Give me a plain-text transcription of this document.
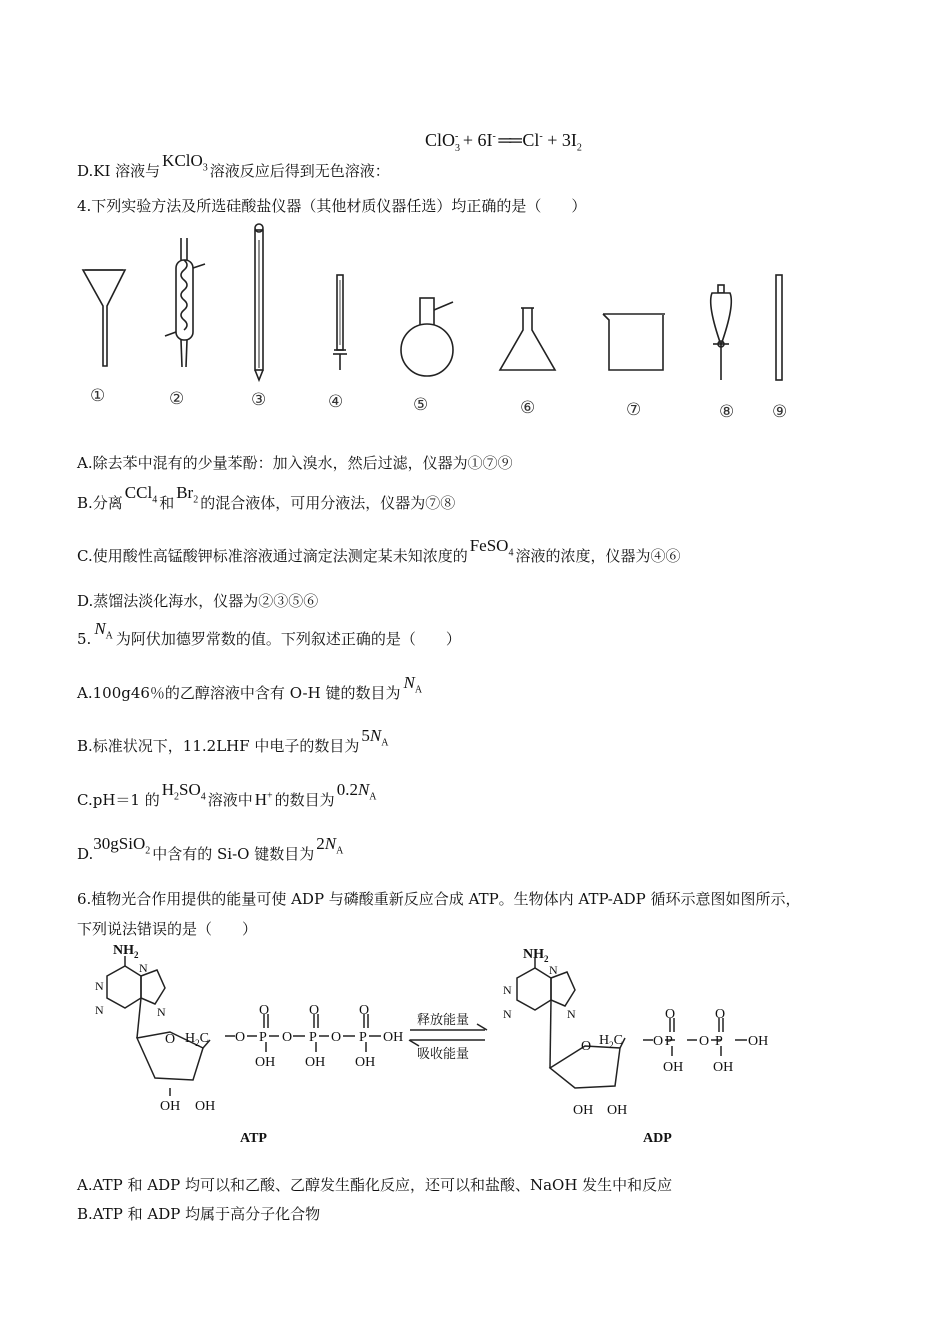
ClO$_3$- + 6I- ══ $Cl^- + 3I_2$
D.KI 溶液与KClO$_3$ 溶液反应后得到无色溶液：
4.下列实验方法及所选硅酸盐仪器（其他材质仪器任选）均正确的是（　　）
①	②	③	④	⑤	⑥	⑦	⑧ ⑨
A.除去苯中混有的少量苯酚：加入溴水，然后过滤，仪器为①⑦⑨
B.分离CCl$_4$ 和$Br_2$ 的混合液体，可用分液法，仪器为⑦⑧
C.使用酸性高锰酸钾标准溶液通过滴定法测定某未知浓度的FeSO$_4$ 溶液的浓度，仪器为④⑥
D.蒸馏法淡化海水，仪器为②③⑤⑥
$5.N_A$ 为阿伏加德罗常数的值。下列叙述正确的是（　　）
A.100g46％的乙醇溶液中含有 O-H 键的数目为$N_A$
B.标准状况下，11.2LHF 中电子的数目为$5N_A$
C.pH＝1 的$H_2SO_4$ 溶液中 H+ 的数目为$0.2N_A$
D.30gSiO$_2$ 中含有的 Si-O 键数目为$2N_A$
6.植物光合作用提供的能量可使 ADP 与磷酸重新反应合成 ATP。生物体内 ATP-ADP 循环示意图如图所示，
下列说法错误的是（　　）
$NH_2$
N
N
N
N
O
OH OH
$H_2C$ O P
O
OH
O P
O
OH
O P
O
OH
OH
释放能量
吸收能量
$NH_2$
N
N
N
N
O
OH OH
$H_2C$ O P
O
OH
O P
O
OH
OH
ATP	ADP
A.ATP 和 ADP 均可以和乙酸、乙醇发生酯化反应，还可以和盐酸、NaOH 发生中和反应
B.ATP 和 ADP 均属于高分子化合物
